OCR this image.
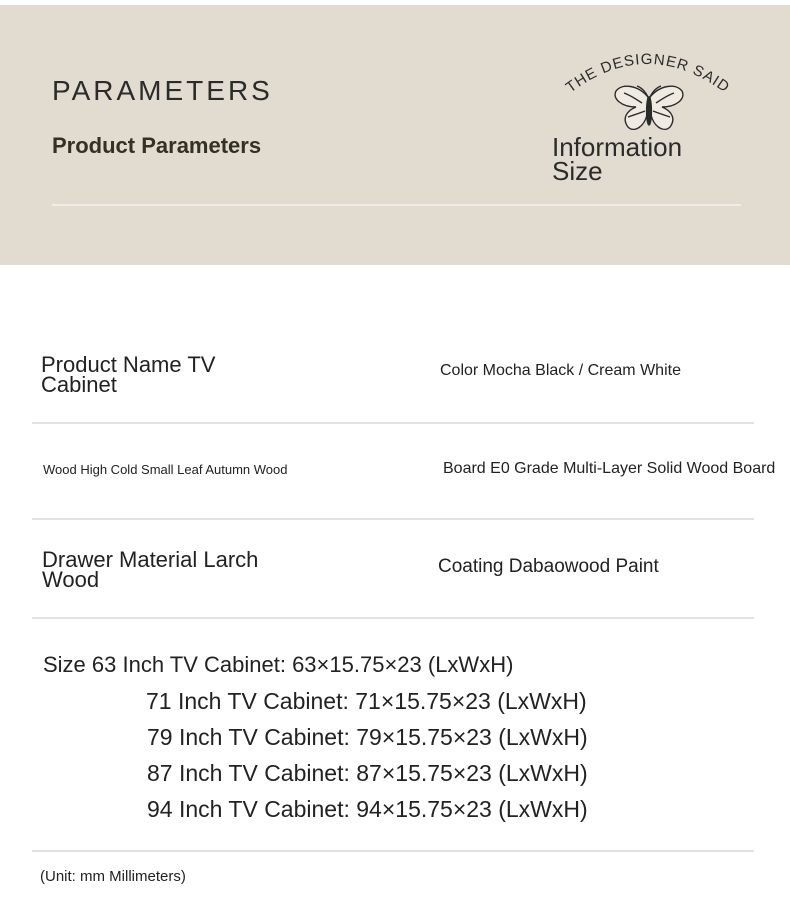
PARAMETERS
Product Parameters
THE DESIGNER SAID
Information
Size
Product Name TV Cabinet
Color Mocha Black / Cream White
Wood High Cold Small Leaf Autumn Wood	Board E0 Grade Multi-Layer Solid Wood Board
Drawer Material Larch Wood
Coating Dabaowood Paint
Size 63 Inch TV Cabinet: 63×15.75×23 (LxWxH)
71 Inch TV Cabinet: 71×15.75×23 (LxWxH)
79 Inch TV Cabinet: 79×15.75×23 (LxWxH)
87 Inch TV Cabinet: 87×15.75×23 (LxWxH)
94 Inch TV Cabinet: 94×15.75×23 (LxWxH)
(Unit: mm Millimeters)
